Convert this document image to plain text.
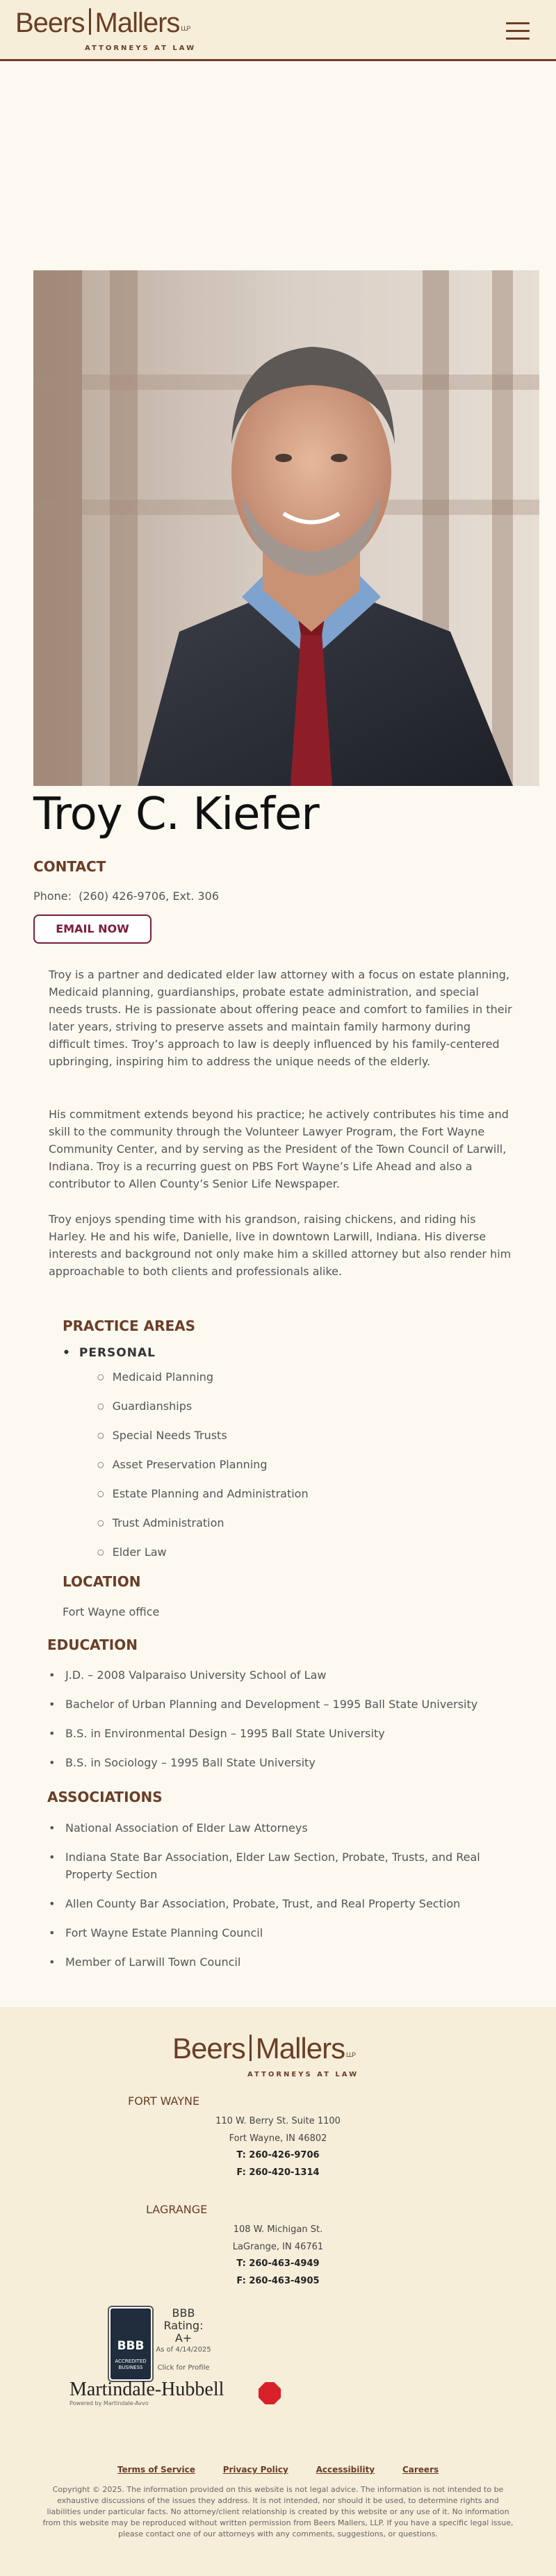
Beers Mallers LLP
ATTORNEYS AT LAW
Troy C. Kiefer
CONTACT
Phone: (260) 426-9706, Ext. 306
EMAIL NOW

Troy is a partner and dedicated elder law attorney with a focus on estate planning, Medicaid planning, guardianships, probate estate administration, and special needs trusts. He is passionate about offering peace and comfort to families in their later years, striving to preserve assets and maintain family harmony during difficult times. Troy’s approach to law is deeply influenced by his family-centered upbringing, inspiring him to address the unique needs of the elderly.

His commitment extends beyond his practice; he actively contributes his time and skill to the community through the Volunteer Lawyer Program, the Fort Wayne Community Center, and by serving as the President of the Town Council of Larwill, Indiana. Troy is a recurring guest on PBS Fort Wayne’s Life Ahead and also a contributor to Allen County’s Senior Life Newspaper.

Troy enjoys spending time with his grandson, raising chickens, and riding his Harley. He and his wife, Danielle, live in downtown Larwill, Indiana. His diverse interests and background not only make him a skilled attorney but also render him approachable to both clients and professionals alike.

PRACTICE AREAS
• PERSONAL
○ Medicaid Planning
○ Guardianships
○ Special Needs Trusts
○ Asset Preservation Planning
○ Estate Planning and Administration
○ Trust Administration
○ Elder Law
LOCATION
Fort Wayne office
EDUCATION
• J.D. – 2008 Valparaiso University School of Law
• Bachelor of Urban Planning and Development – 1995 Ball State University
• B.S. in Environmental Design – 1995 Ball State University
• B.S. in Sociology – 1995 Ball State University
ASSOCIATIONS
• National Association of Elder Law Attorneys
• Indiana State Bar Association, Elder Law Section, Probate, Trusts, and Real Property Section
• Allen County Bar Association, Probate, Trust, and Real Property Section
• Fort Wayne Estate Planning Council
• Member of Larwill Town Council
Beers Mallers LLP
ATTORNEYS AT LAW
FORT WAYNE
110 W. Berry St. Suite 1100
Fort Wayne, IN 46802
T: 260-426-9706
F: 260-420-1314
LAGRANGE
108 W. Michigan St.
LaGrange, IN 46761
T: 260-463-4949
F: 260-463-4905
BBB
ACCREDITED BUSINESS
BBB Rating: A+
As of 4/14/2025
Click for Profile
Martindale-Hubbell
Powered by Martindale-Avvo
Terms of Service	Privacy Policy	Accessibility	Careers

Copyright © 2025. The information provided on this website is not legal advice. The information is not intended to be exhaustive discussions of the issues they address. It is not intended, nor should it be used, to determine rights and liabilities under particular facts. No attorney/client relationship is created by this website or any use of it. No information from this website may be reproduced without written permission from Beers Mallers, LLP. If you have a specific legal issue, please contact one of our attorneys with any comments, suggestions, or questions.
